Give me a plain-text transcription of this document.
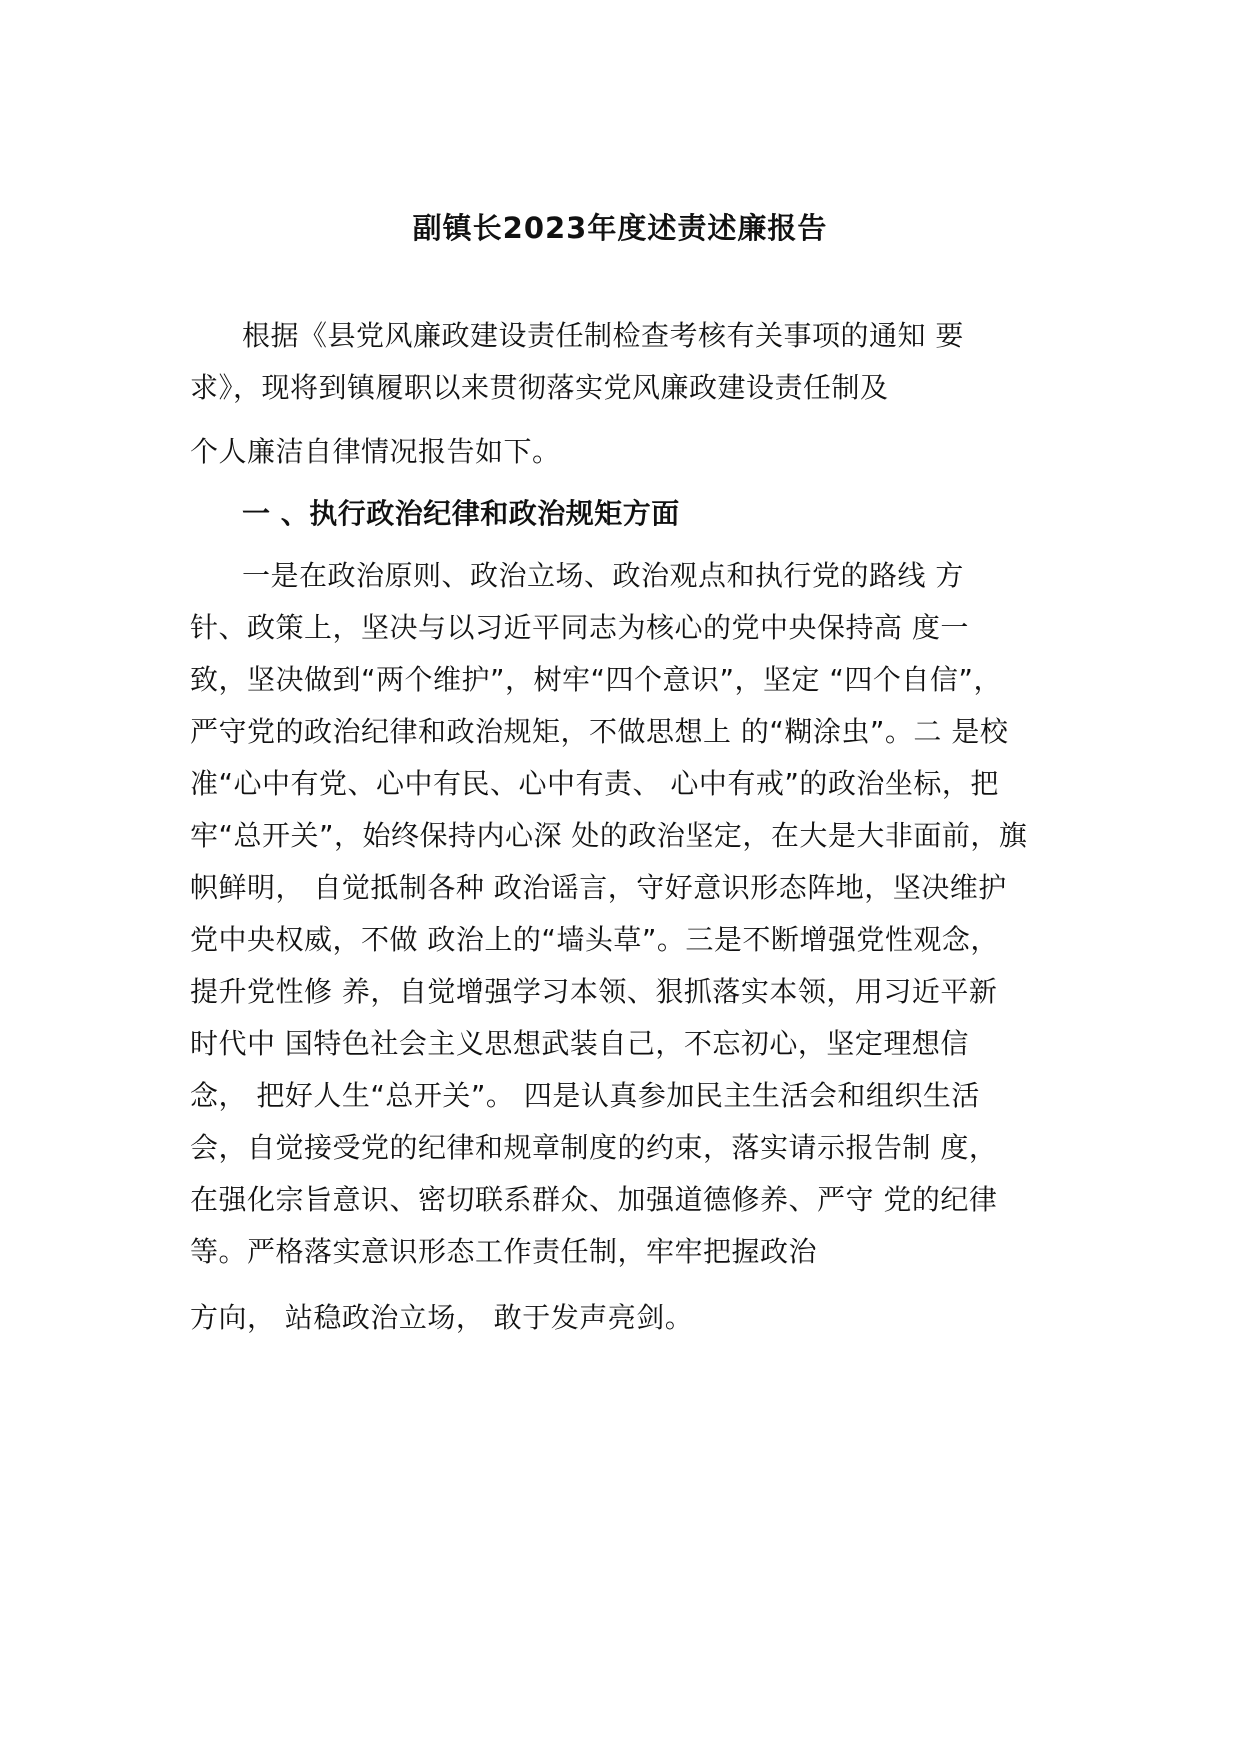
副镇长2023年度述责述廉报告
根据《县党风廉政建设责任制检查考核有关事项的通知 要
求》，现将到镇履职以来贯彻落实党风廉政建设责任制及
个人廉洁自律情况报告如下。
一 、执行政治纪律和政治规矩方面
一是在政治原则、政治立场、政治观点和执行党的路线 方
针、政策上，坚决与以习近平同志为核心的党中央保持高 度一
致，坚决做到“两个维护”，树牢“四个意识”，坚定 “四个自信”，
严守党的政治纪律和政治规矩，不做思想上 的“糊涂虫”。二 是校
准“心中有党、心中有民、心中有责、 心中有戒”的政治坐标，把
牢“总开关”，始终保持内心深 处的政治坚定，在大是大非面前，旗
帜鲜明， 自觉抵制各种 政治谣言，守好意识形态阵地，坚决维护
党中央权威，不做 政治上的“墙头草”。三是不断增强党性观念，
提升党性修 养，自觉增强学习本领、狠抓落实本领，用习近平新
时代中 国特色社会主义思想武装自己，不忘初心，坚定理想信
念， 把好人生“总开关”。 四是认真参加民主生活会和组织生活
会，自觉接受党的纪律和规章制度的约束，落实请示报告制 度，
在强化宗旨意识、密切联系群众、加强道德修养、严守 党的纪律
等。严格落实意识形态工作责任制，牢牢把握政治
方向， 站稳政治立场， 敢于发声亮剑。
